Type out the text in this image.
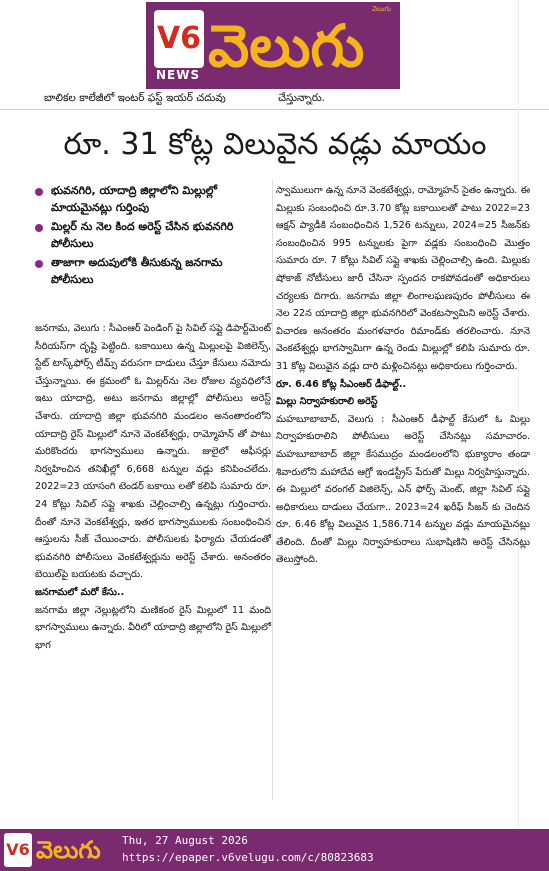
V6
NEWS వెలుగు
వెలుగు
బాలికల కాలేజీలో ఇంటర్ ఫస్ట్ ఇయర్ చదువు	చేస్తున్నారు.
రూ. 31 కోట్ల విలువైన వడ్లు మాయం
భువనగిరి, యాదాద్రి జిల్లాలోని మిల్లుల్లో మాయమైనట్లు గుర్తింపు
మిల్లర్ ను నెల కింద అరెస్ట్ చేసిన భువనగిరి పోలీసులు
తాజాగా అదుపులోకి తీసుకున్న జనగామ పోలీసులు

జనగామ, వెలుగు : సీఎంఆర్ పెండింగ్ పై సివిల్ సప్లై డిపార్ట్‌మెంట్ సీరియస్‌గా దృష్టి పెట్టింది. బకాయిలు ఉన్న మిల్లులపై విజిలెన్స్, స్టేట్ టాస్క్‌ఫోర్స్ టీమ్స్ వరుసగా దాడులు చేస్తూ కేసులు నమోదు చేస్తున్నాయి. ఈ క్రమంలో ఓ మిల్లర్‌ను నెల రోజుల వ్యవధిలోనే ఇటు యాదాద్రి, అటు జనగామ జిల్లాల్లో పోలీసులు అరెస్ట్ చేశారు. యాదాద్రి జిల్లా భువనగిరి మండలం అనంతారంలోని యాదాద్రి రైస్ మిల్లులో నూనె వెంకటేశ్వర్లు, రామ్మోహన్ తో పాటు మరికొందరు భాగస్వాములు ఉన్నారు. జులైలో ఆఫీసర్లు నిర్వహించిన తనిఖీల్లో 6,668 టన్నుల వడ్లు కనిపించలేదు. 2022=23 యాసంగి టెండర్ బకాయి లతో కలిపి సుమారు రూ. 24 కోట్లు సివిల్ సప్లై శాఖకు చెల్లించాల్సి ఉన్నట్లు గుర్తించారు. దీంతో నూనె వెంకటేశ్వర్లు, ఇతర భాగస్వాములకు సంబంధించిన ఆస్తులను సీజ్ చేయించారు. పోలీసులకు ఫిర్యాదు చేయడంతో భువనగిరి పోలీసులు వెంకటేశ్వర్లును అరెస్ట్ చేశారు. అనంతరం బెయిల్‌పై బయటకు వచ్చారు.

జనగామలో మరో కేసు..

జనగామ జిల్లా నెల్లుట్లలోని మణికంఠ రైస్ మిల్లులో 11 మంది భాగస్వాములు ఉన్నారు. వీరిలో యాదాద్రి జిల్లాలోని రైస్ మిల్లులో భాగ

స్వాములుగా ఉన్న నూనె వెంకటేశ్వర్లు, రామ్మోహన్ సైతం ఉన్నారు. ఈ మిల్లుకు సంబంధించి రూ.3.70 కోట్ల బకాయిలతో పాటు 2022=23 ఆక్షన్ ప్యాడీకి సంబంధించిన 1,526 టన్నులు, 2024=25 సీజన్‌కు సంబంధించిన 995 టన్నులకు పైగా వడ్లకు సంబంధించి మొత్తం సుమారు రూ. 7 కోట్లు సివిల్ సప్లై శాఖకు చెల్లించాల్సి ఉంది. మిల్లుకు షోకాజ్ నోటీసులు జారీ చేసినా స్పందన రాకపోవడంతో అధికారులు చర్యలకు దిగారు. జనగామ జిల్లా లింగాలఘణపురం పోలీసులు ఈ నెల 22న యాదాద్రి జిల్లా భువనగిరిలో వెంకటస్వామిని అరెస్ట్ చేశారు. విచారణ అనంతరం మంగళవారం రిమాండ్‌కు తరలించారు. నూనె వెంకటేశ్వర్లు భాగస్వామిగా ఉన్న రెండు మిల్లుల్లో కలిపి సుమారు రూ. 31 కోట్ల విలువైన వడ్లు దారి మళ్లించినట్లు అధికారులు గుర్తించారు.

రూ. 6.46 కోట్ల సీఎంఆర్ డీఫాల్ట్..

మిల్లు నిర్వాహకురాలి అరెస్ట్

మహబూబాబాద్, వెలుగు : సీఎంఆర్ డీఫాల్ట్ కేసులో ఓ మిల్లు నిర్వాహకురాలిని పోలీసులు అరెస్ట్ చేసినట్లు సమాచారం. మహబూబాబాద్ జిల్లా కేసముద్రం మండలంలోని భుక్యారాం తండా శివారులోని మహాదేవ ఆగ్రో ఇండస్ట్రీస్ పేరుతో మిల్లు నిర్వహిస్తున్నారు. ఈ మిల్లులో వరంగల్ విజిలెన్స్, ఎన్ ఫోర్స్ మెంట్, జిల్లా సివిల్ సప్లై అధికారులు దాడులు చేయగా.. 2023=24 ఖరీఫ్ సీజన్ కు చెందిన రూ. 6.46 కోట్ల విలువైన 1,586.714 టన్నుల వడ్లు మాయమైనట్లు తేలింది. దీంతో మిల్లు నిర్వాహకురాలు సుభాషిణిని అరెస్ట్ చేసినట్లు తెలుస్తోంది.

V6 వెలుగు Thu, 27 August 2026
https://epaper.v6velugu.com/c/80823683
